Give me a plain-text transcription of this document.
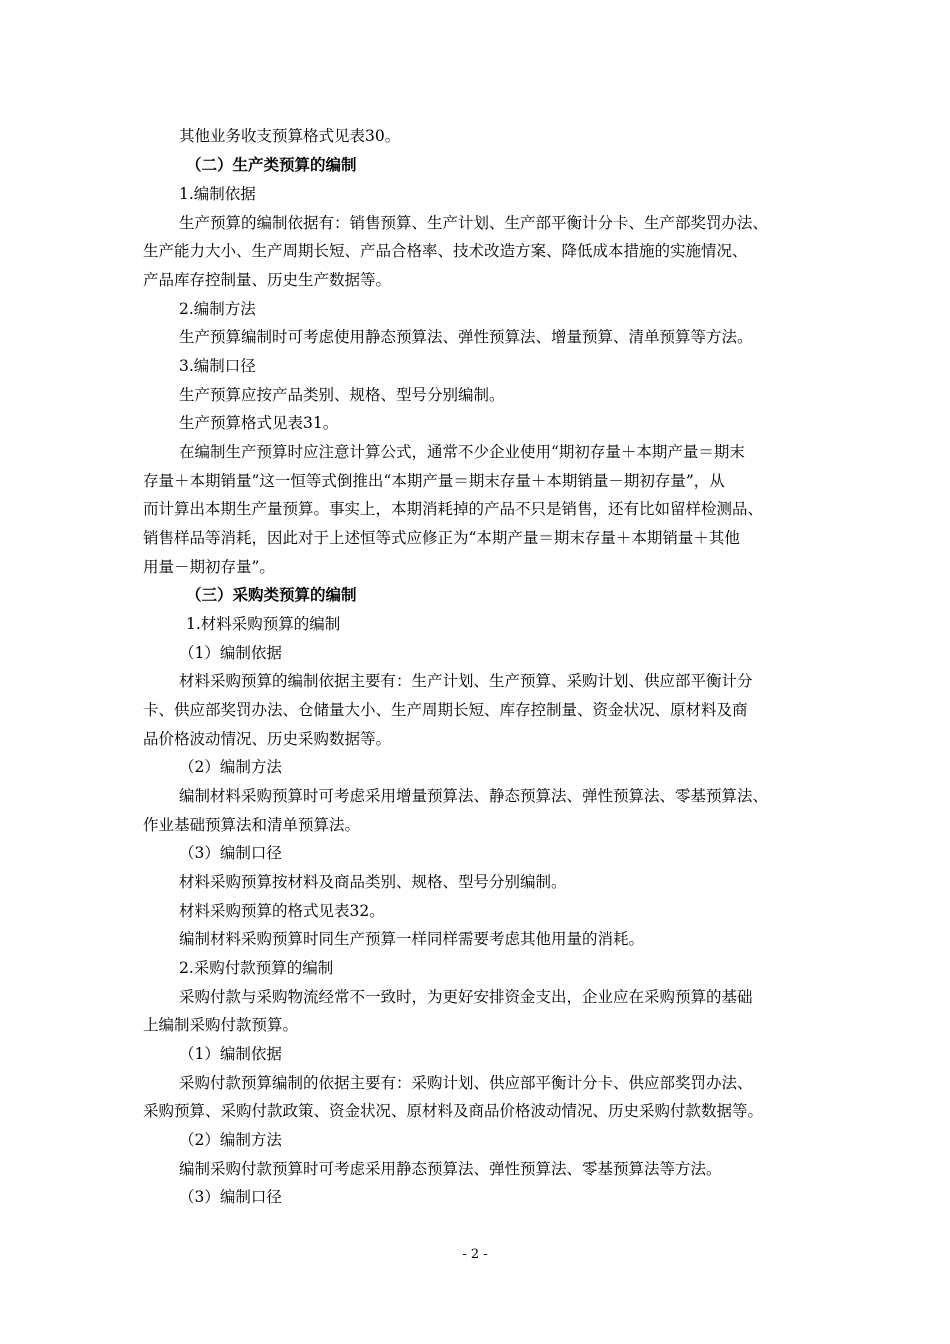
其他业务收支预算格式见表30。
（二）生产类预算的编制
1.编制依据
生产预算的编制依据有：销售预算、生产计划、生产部平衡计分卡、生产部奖罚办法、
生产能力大小、生产周期长短、产品合格率、技术改造方案、降低成本措施的实施情况、
产品库存控制量、历史生产数据等。
2.编制方法
生产预算编制时可考虑使用静态预算法、弹性预算法、增量预算、清单预算等方法。
3.编制口径
生产预算应按产品类别、规格、型号分别编制。
生产预算格式见表31。
在编制生产预算时应注意计算公式，通常不少企业使用“期初存量＋本期产量＝期末
存量＋本期销量”这一恒等式倒推出“本期产量＝期末存量＋本期销量－期初存量”，从
而计算出本期生产量预算。事实上，本期消耗掉的产品不只是销售，还有比如留样检测品、
销售样品等消耗，因此对于上述恒等式应修正为“本期产量＝期末存量＋本期销量＋其他
用量－期初存量”。
（三）采购类预算的编制
1.材料采购预算的编制
（1）编制依据
材料采购预算的编制依据主要有：生产计划、生产预算、采购计划、供应部平衡计分
卡、供应部奖罚办法、仓储量大小、生产周期长短、库存控制量、资金状况、原材料及商
品价格波动情况、历史采购数据等。
（2）编制方法
编制材料采购预算时可考虑采用增量预算法、静态预算法、弹性预算法、零基预算法、
作业基础预算法和清单预算法。
（3）编制口径
材料采购预算按材料及商品类别、规格、型号分别编制。
材料采购预算的格式见表32。
编制材料采购预算时同生产预算一样同样需要考虑其他用量的消耗。
2.采购付款预算的编制
采购付款与采购物流经常不一致时，为更好安排资金支出，企业应在采购预算的基础
上编制采购付款预算。
（1）编制依据
采购付款预算编制的依据主要有：采购计划、供应部平衡计分卡、供应部奖罚办法、
采购预算、采购付款政策、资金状况、原材料及商品价格波动情况、历史采购付款数据等。
（2）编制方法
编制采购付款预算时可考虑采用静态预算法、弹性预算法、零基预算法等方法。
（3）编制口径
- 2 -
